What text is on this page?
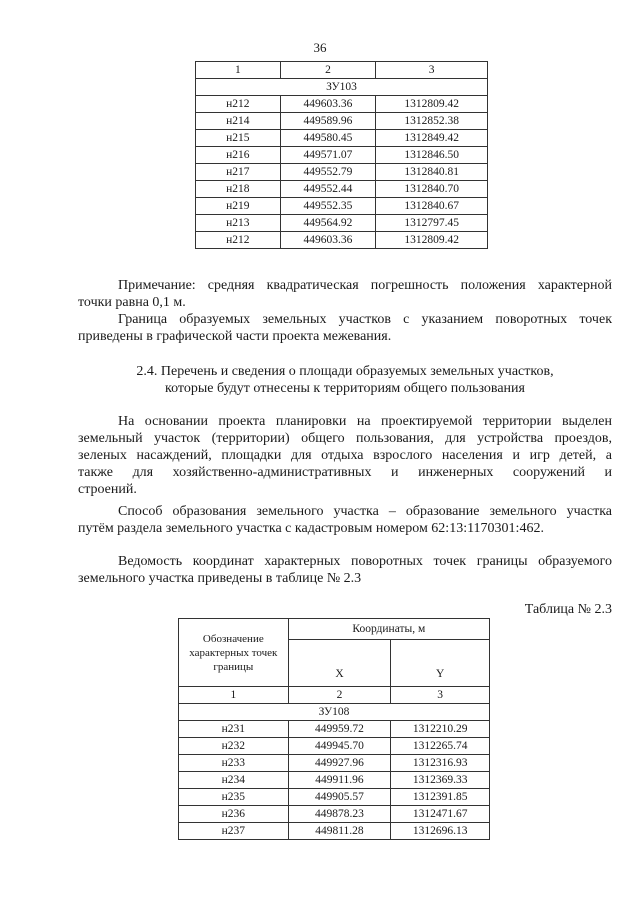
36
1	2	3
ЗУ103		
н212	449603.36	1312809.42
н214	449589.96	1312852.38
н215	449580.45	1312849.42
н216	449571.07	1312846.50
н217	449552.79	1312840.81
н218	449552.44	1312840.70
н219	449552.35	1312840.67
н213	449564.92	1312797.45
н212	449603.36	1312809.42

Примечание: средняя квадратическая погрешность положения характерной

точки равна 0,1 м.

Граница образуемых земельных участков с указанием поворотных точек

приведены в графической части проекта межевания.

2.4. Перечень и сведения о площади образуемых земельных участков,

которые будут отнесены к территориям общего пользования

На основании проекта планировки на проектируемой территории выделен

земельный участок (территории) общего пользования, для устройства проездов,

зеленых насаждений, площадки для отдыха взрослого населения и игр детей, а

также для хозяйственно-административных и инженерных сооружений и

строений.

Способ образования земельного участка – образование земельного участка

путём раздела земельного участка с кадастровым номером 62:13:1170301:462.

Ведомость координат характерных поворотных точек границы образуемого

земельного участка приведены в таблице № 2.3

Таблица № 2.3
Обозначение
характерных точек
границы	Координаты, м	
	X	Y
1	2	3
ЗУ108		
н231	449959.72	1312210.29
н232	449945.70	1312265.74
н233	449927.96	1312316.93
н234	449911.96	1312369.33
н235	449905.57	1312391.85
н236	449878.23	1312471.67
н237	449811.28	1312696.13
